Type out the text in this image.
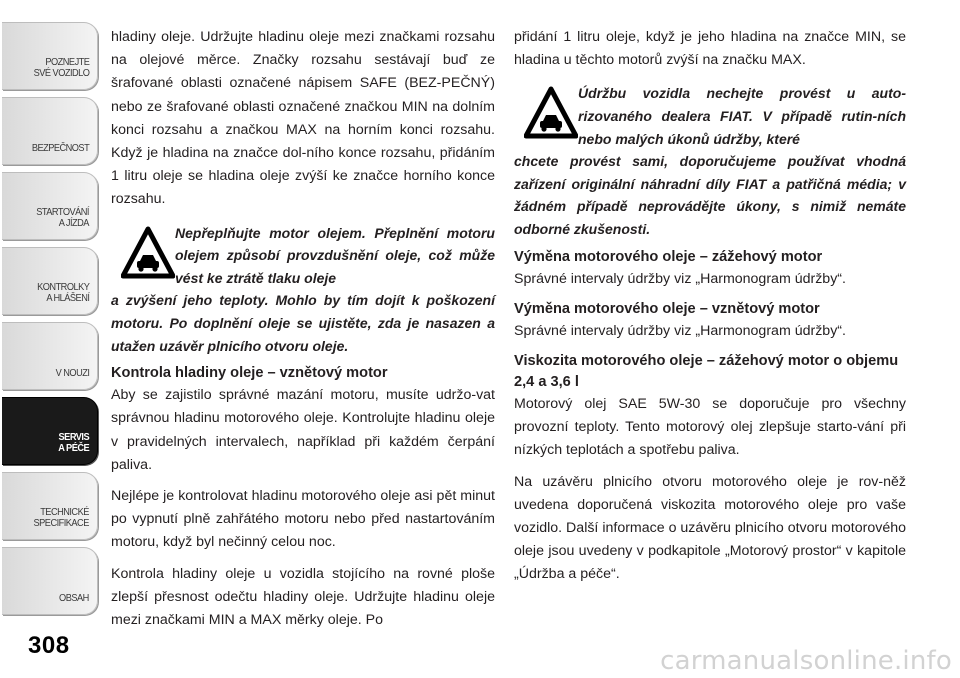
POZNEJTE
SVÉ VOZIDLO
BEZPEČNOST
STARTOVÁNÍ
A JÍZDA
KONTROLKY
A HLÁŠENÍ
V NOUZI
SERVIS
A PÉČE
TECHNICKÉ
SPECIFIKACE
OBSAH
308
carmanualsonline.info

hladiny oleje. Udržujte hladinu oleje mezi značkami rozsahu na olejové měrce. Značky rozsahu sestávají buď ze šrafované oblasti označené nápisem SAFE (BEZ-PEČNÝ) nebo ze šrafované oblasti označené značkou MIN na dolním konci rozsahu a značkou MAX na horním konci rozsahu. Když je hladina na značce dol-ního konce rozsahu, přidáním 1 litru oleje se hladina oleje zvýší ke značce horního konce rozsahu.

Nepřeplňujte motor olejem. Přeplnění motoru olejem způsobí provzdušnění oleje, což může vést ke ztrátě tlaku oleje
a zvýšení jeho teploty. Mohlo by tím dojít k poškození motoru. Po doplnění oleje se ujistěte, zda je nasazen a utažen uzávěr plnicího otvoru oleje.

Kontrola hladiny oleje – vznětový motor

Aby se zajistilo správné mazání motoru, musíte udržo-vat správnou hladinu motorového oleje. Kontrolujte hladinu oleje v pravidelných intervalech, například při každém čerpání paliva.

Nejlépe je kontrolovat hladinu motorového oleje asi pět minut po vypnutí plně zahřátého motoru nebo před nastartováním motoru, když byl nečinný celou noc.

Kontrola hladiny oleje u vozidla stojícího na rovné ploše zlepší přesnost odečtu hladiny oleje. Udržujte hladinu oleje mezi značkami MIN a MAX měrky oleje. Po

přidání 1 litru oleje, když je jeho hladina na značce MIN, se hladina u těchto motorů zvýší na značku MAX.

Údržbu vozidla nechejte provést u auto-rizovaného dealera FIAT. V případě rutin-ních nebo malých úkonů údržby, které
chcete provést sami, doporučujeme používat vhodná zařízení originální náhradní díly FIAT a patřičná média; v žádném případě neprovádějte úkony, s nimiž nemáte odborné zkušenosti.

Výměna motorového oleje – zážehový motor

Správné intervaly údržby viz „Harmonogram údržby“.

Výměna motorového oleje – vznětový motor

Správné intervaly údržby viz „Harmonogram údržby“.

Viskozita motorového oleje – zážehový motor o objemu 2,4 a 3,6 l

Motorový olej SAE 5W-30 se doporučuje pro všechny provozní teploty. Tento motorový olej zlepšuje starto-vání při nízkých teplotách a spotřebu paliva.

Na uzávěru plnicího otvoru motorového oleje je rov-něž uvedena doporučená viskozita motorového oleje pro vaše vozidlo. Další informace o uzávěru plnicího otvoru motorového oleje jsou uvedeny v podkapitole „Motorový prostor“ v kapitole „Údržba a péče“.
